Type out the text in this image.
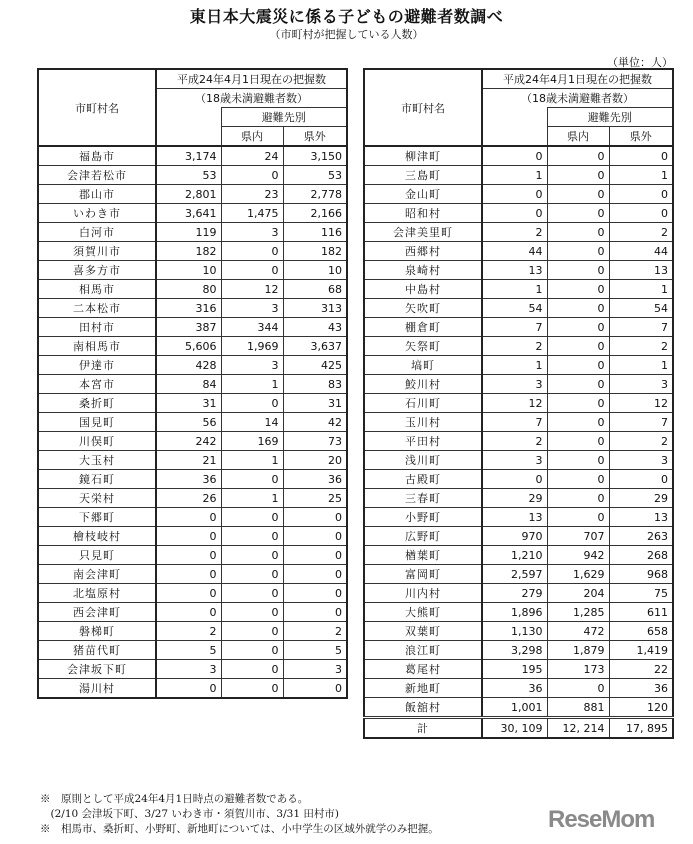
東日本大震災に係る子どもの避難者数調べ
（市町村が把握している人数）
（単位：人）
市町村名	平成24年4月1日現在の把握数		
	（18歳未満避難者数）		
		避難先別	
		県内	県外
福島市	3,174	24	3,150
会津若松市	53	0	53
郡山市	2,801	23	2,778
いわき市	3,641	1,475	2,166
白河市	119	3	116
須賀川市	182	0	182
喜多方市	10	0	10
相馬市	80	12	68
二本松市	316	3	313
田村市	387	344	43
南相馬市	5,606	1,969	3,637
伊達市	428	3	425
本宮市	84	1	83
桑折町	31	0	31
国見町	56	14	42
川俣町	242	169	73
大玉村	21	1	20
鏡石町	36	0	36
天栄村	26	1	25
下郷町	0	0	0
檜枝岐村	0	0	0
只見町	0	0	0
南会津町	0	0	0
北塩原村	0	0	0
西会津町	0	0	0
磐梯町	2	0	2
猪苗代町	5	0	5
会津坂下町	3	0	3
湯川村	0	0	0
市町村名	平成24年4月1日現在の把握数		
	（18歳未満避難者数）		
		避難先別	
		県内	県外
柳津町	0	0	0
三島町	1	0	1
金山町	0	0	0
昭和村	0	0	0
会津美里町	2	0	2
西郷村	44	0	44
泉崎村	13	0	13
中島村	1	0	1
矢吹町	54	0	54
棚倉町	7	0	7
矢祭町	2	0	2
塙町	1	0	1
鮫川村	3	0	3
石川町	12	0	12
玉川村	7	0	7
平田村	2	0	2
浅川町	3	0	3
古殿町	0	0	0
三春町	29	0	29
小野町	13	0	13
広野町	970	707	263
楢葉町	1,210	942	268
富岡町	2,597	1,629	968
川内村	279	204	75
大熊町	1,896	1,285	611
双葉町	1,130	472	658
浪江町	3,298	1,879	1,419
葛尾村	195	173	22
新地町	36	0	36
飯舘村	1,001	881	120
計	30, 109	12, 214	17, 895
※　原則として平成24年4月1日時点の避難者数である。
　(2/10 会津坂下町、3/27 いわき市・須賀川市、3/31 田村市)
※　相馬市、桑折町、小野町、新地町については、小中学生の区域外就学のみ把握。	ReseMom
